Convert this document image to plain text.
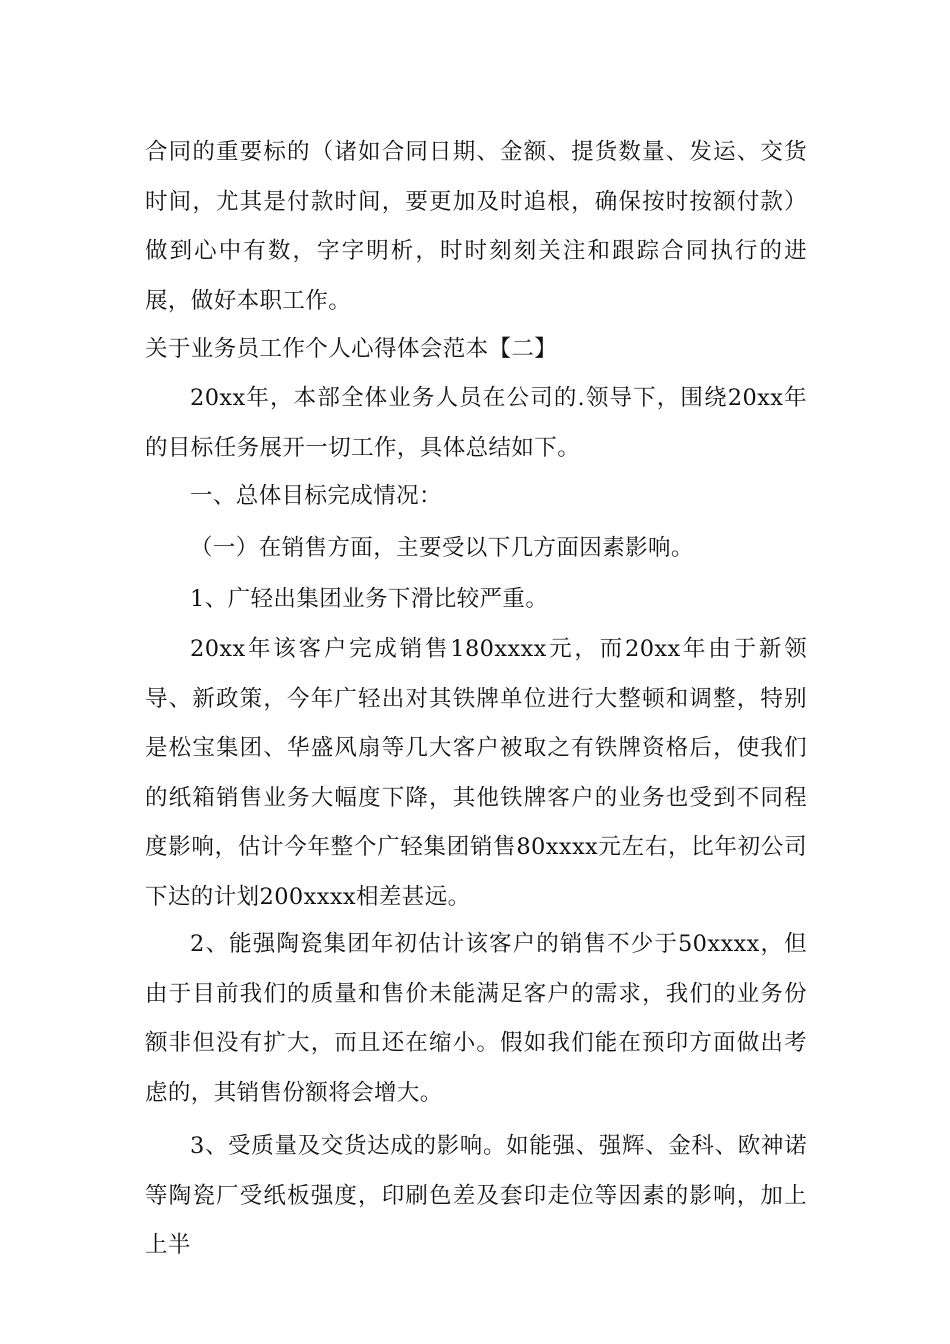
合同的重要标的（诸如合同日期、金额、提货数量、发运、交货时间，尤其是付款时间，要更加及时追根，确保按时按额付款）做到心中有数，字字明析，时时刻刻关注和跟踪合同执行的进展，做好本职工作。

关于业务员工作个人心得体会范本【二】

20xx年，本部全体业务人员在公司的.领导下，围绕20xx年的目标任务展开一切工作，具体总结如下。

一、总体目标完成情况：

（一）在销售方面，主要受以下几方面因素影响。

1、广轻出集团业务下滑比较严重。

20xx年该客户完成销售180xxxx元，而20xx年由于新领导、新政策，今年广轻出对其铁牌单位进行大整顿和调整，特别是松宝集团、华盛风扇等几大客户被取之有铁牌资格后，使我们的纸箱销售业务大幅度下降，其他铁牌客户的业务也受到不同程度影响，估计今年整个广轻集团销售80xxxx元左右，比年初公司下达的计划200xxxx相差甚远。

2、能强陶瓷集团年初估计该客户的销售不少于50xxxx，但由于目前我们的质量和售价未能满足客户的需求，我们的业务份额非但没有扩大，而且还在缩小。假如我们能在预印方面做出考虑的，其销售份额将会增大。

3、受质量及交货达成的影响。如能强、强辉、金科、欧神诺等陶瓷厂受纸板强度，印刷色差及套印走位等因素的影响，加上上半
